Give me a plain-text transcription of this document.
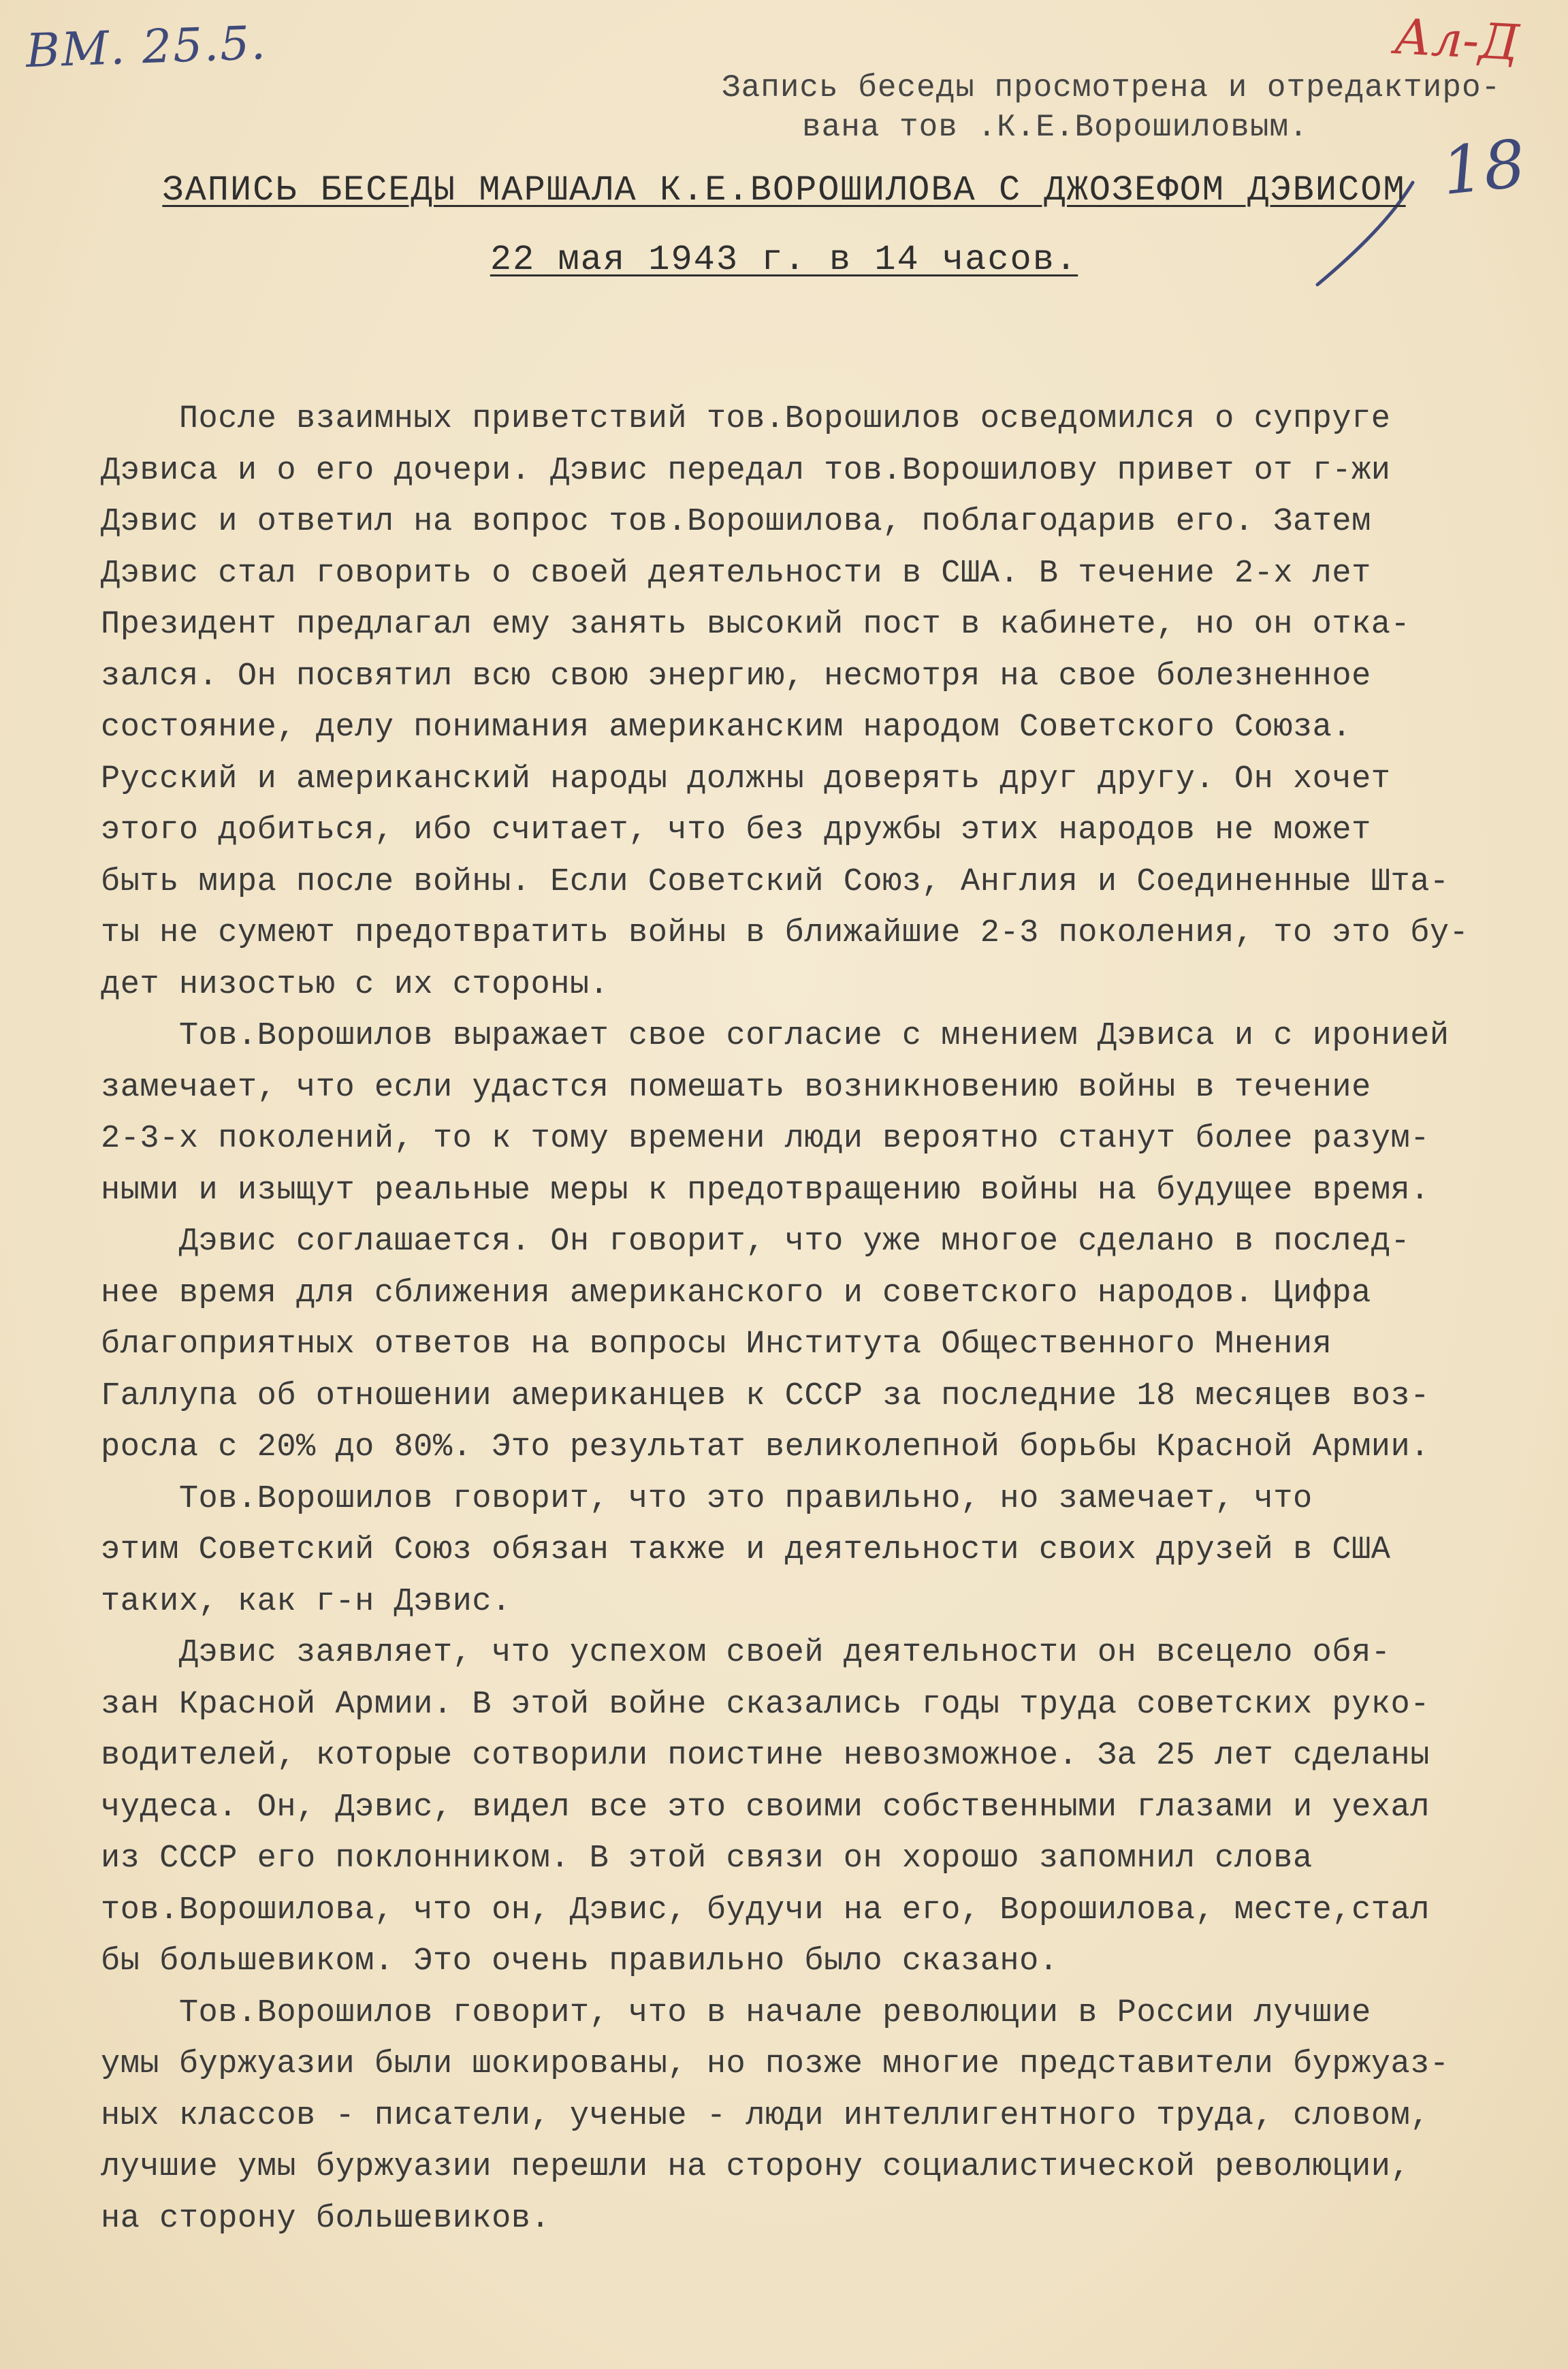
ВМ. 25.5.	Ал-Д
18
Запись беседы просмотрена и отредактиро-
вана тов .К.Е.Ворошиловым.
ЗАПИСЬ БЕСЕДЫ МАРШАЛА К.Е.ВОРОШИЛОВА С ДЖОЗЕФОМ ДЭВИСОМ
22 мая 1943 г. в 14 часов.
После взаимных приветствий тов.Ворошилов осведомился о супруге
Дэвиса и о его дочери. Дэвис передал тов.Ворошилову привет от г-жи
Дэвис и ответил на вопрос тов.Ворошилова, поблагодарив его. Затем
Дэвис стал говорить о своей деятельности в США. В течение 2-х лет
Президент предлагал ему занять высокий пост в кабинете, но он отка-
зался. Он посвятил всю свою энергию, несмотря на свое болезненное
состояние, делу понимания американским народом Советского Союза.
Русский и американский народы должны доверять друг другу. Он хочет
этого добиться, ибо считает, что без дружбы этих народов не может
быть мира после войны. Если Советский Союз, Англия и Соединенные Шта-
ты не сумеют предотвратить войны в ближайшие 2-3 поколения, то это бу-
дет низостью с их стороны.
Тов.Ворошилов выражает свое согласие с мнением Дэвиса и с иронией
замечает, что если удастся помешать возникновению войны в течение
2-3-х поколений, то к тому времени люди вероятно станут более разум-
ными и изыщут реальные меры к предотвращению войны на будущее время.
Дэвис соглашается. Он говорит, что уже многое сделано в послед-
нее время для сближения американского и советского народов. Цифра
благоприятных ответов на вопросы Института Общественного Мнения
Галлупа об отношении американцев к СССР за последние 18 месяцев воз-
росла с 20% до 80%. Это результат великолепной борьбы Красной Армии.
Тов.Ворошилов говорит, что это правильно, но замечает, что
этим Советский Союз обязан также и деятельности своих друзей в США
таких, как г-н Дэвис.
Дэвис заявляет, что успехом своей деятельности он всецело обя-
зан Красной Армии. В этой войне сказались годы труда советских руко-
водителей, которые сотворили поистине невозможное. За 25 лет сделаны
чудеса. Он, Дэвис, видел все это своими собственными глазами и уехал
из СССР его поклонником. В этой связи он хорошо запомнил слова
тов.Ворошилова, что он, Дэвис, будучи на его, Ворошилова, месте,стал
бы большевиком. Это очень правильно было сказано.
Тов.Ворошилов говорит, что в начале революции в России лучшие
умы буржуазии были шокированы, но позже многие представители буржуаз-
ных классов - писатели, ученые - люди интеллигентного труда, словом,
лучшие умы буржуазии перешли на сторону социалистической революции,
на сторону большевиков.
